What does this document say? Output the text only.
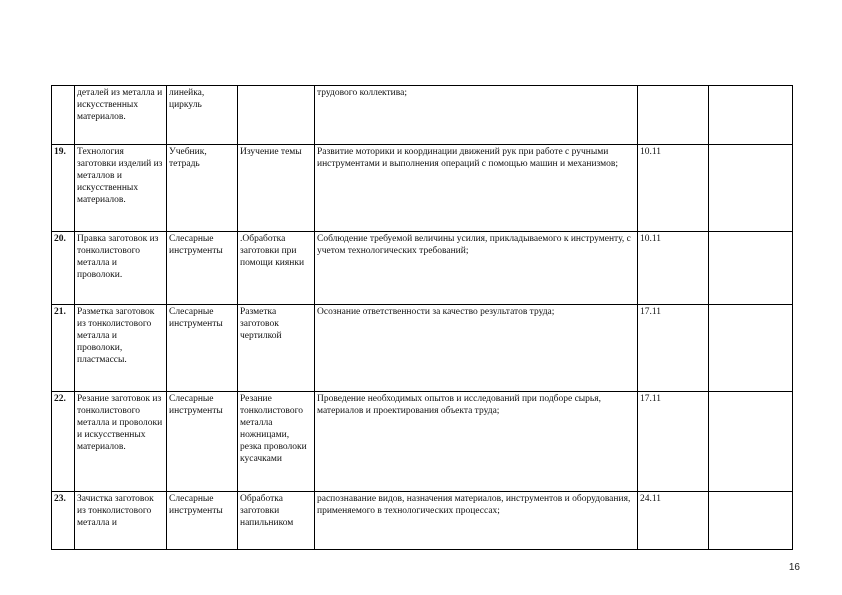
	деталей из металла и искусственных материалов.	линейка, циркуль		трудового коллектива;		
19.	Технология заготовки изделий из металлов и искусственных материалов.	Учебник, тетрадь	Изучение темы	Развитие моторики и координации движений рук при работе с ручными инструментами и выполнения операций с помощью машин и механизмов;	10.11	
20.	Правка заготовок из тонколистового металла и проволоки.	Слесарные инструменты	.Обработка заготовки при помощи киянки	Соблюдение требуемой величины усилия, прикладываемого к инструменту, с учетом технологических требований;	10.11	
21.	Разметка заготовок из тонколистового металла и проволоки, пластмассы.	Слесарные инструменты	Разметка заготовок чертилкой	Осознание ответственности за качество результатов труда;	17.11	
22.	Резание заготовок из тонколистового металла и проволоки и искусственных материалов.	Слесарные инструменты	Резание тонколистового металла ножницами, резка проволоки кусачками	Проведение необходимых опытов и исследований при подборе сырья, материалов и проектирования объекта труда;	17.11	
23.	Зачистка заготовок из тонколистового металла и	Слесарные инструменты	Обработка заготовки напильником	распознавание видов, назначения материалов, инструментов и оборудования, применяемого в технологических процессах;	24.11	
16
